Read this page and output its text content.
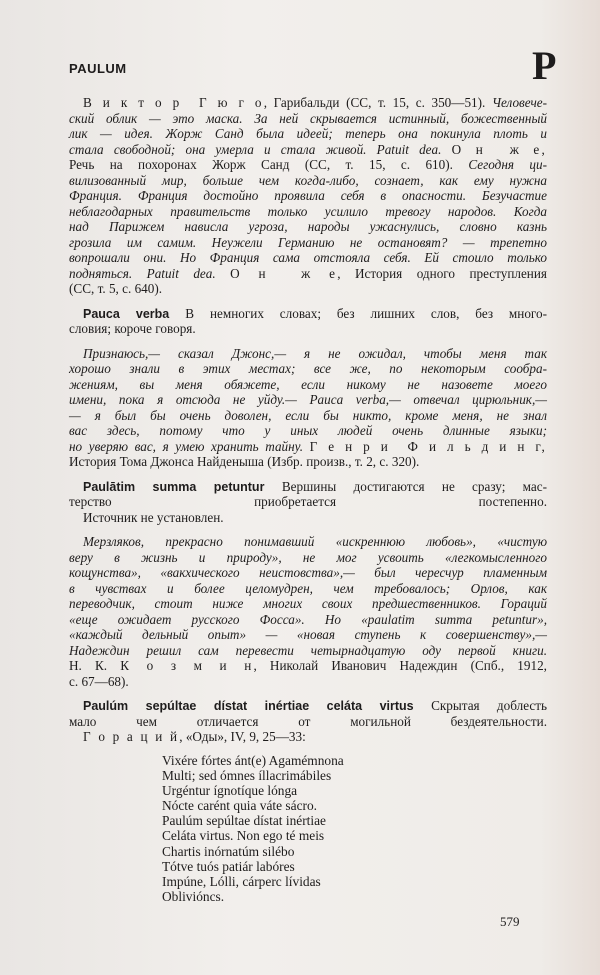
PAULUM	P
В и к т о р  Г ю г о, Гарибальди (СС, т. 15, с. 350—51). Человече-
ский облик — это маска. За ней скрывается истинный, божественный
лик — идея. Жорж Санд была идеей; теперь она покинула плоть и
стала свободной; она умерла и стала живой. Patuit dea. О н  ж е,
Речь на похоронах Жорж Санд (СС, т. 15, с. 610). Сегодня ци-
вилизованный мир, больше чем когда-либо, сознает, как ему нужна
Франция. Франция достойно проявила себя в опасности. Безучастие
неблагодарных правительств только усилило тревогу народов. Когда
над Парижем нависла угроза, народы ужаснулись, словно казнь
грозила им самим. Неужели Германию не остановят? — трепетно
вопрошали они. Но Франция сама отстояла себя. Ей стоило только
подняться. Patuit dea. О н  ж е, История одного преступления
(СС, т. 5, с. 640).
Pauca verba В немногих словах; без лишних слов, без много-
словия; короче говоря.
Признаюсь,— сказал Джонс,— я не ожидал, чтобы меня так
хорошо знали в этих местах; все же, по некоторым сообра-
жениям, вы меня обяжете, если никому не назовете моего
имени, пока я отсюда не уйду.— Pauca verba,— отвечал цирюльник,—
— я был бы очень доволен, если бы никто, кроме меня, не знал
вас здесь, потому что у иных людей очень длинные языки;
но уверяю вас, я умею хранить тайну. Г е н р и  Ф и л ь д и н г,
История Тома Джонса Найденыша (Избр. произв., т. 2, с. 320).
Paulātim summa petuntur Вершины достигаются не сразу; мас-
терство приобретается постепенно.
Источник не установлен.
Мерзляков, прекрасно понимавший «искреннюю любовь», «чистую
веру в жизнь и природу», не мог усвоить «легкомысленного
кощунства», «вакхического неистовства»,— был чересчур пламенным
в чувствах и более целомудрен, чем требовалось; Орлов, как
переводчик, стоит ниже многих своих предшественников. Гораций
«еще ожидает русского Фосса». Но «paulatim summa petuntur»,
«каждый дельный опыт» — «новая ступень к совершенству»,—
Надеждин решил сам перевести четырнадцатую оду первой книги.
Н. К. К о з м и н, Николай Иванович Надеждин (Спб., 1912,
с. 67—68).
Paulúm sepúltae dístat inértiae celáta virtus Скрытая доблесть
мало чем отличается от могильной бездеятельности.
Г о р а ц и й, «Оды», IV, 9, 25—33:
Vixére fórtes ánt(e) Agamémnona
Multi; sed ómnes íllacrimábiles
Urgéntur ígnotíque lónga
Nócte carént quia váte sácro.
Paulúm sepúltae dístat inértiae
Celáta virtus. Non ego té meis
Chartis inórnatúm silébo
Tótve tuós patiár labóres
Impúne, Lólli, cárperc lívidas
Oblivióncs.
579
